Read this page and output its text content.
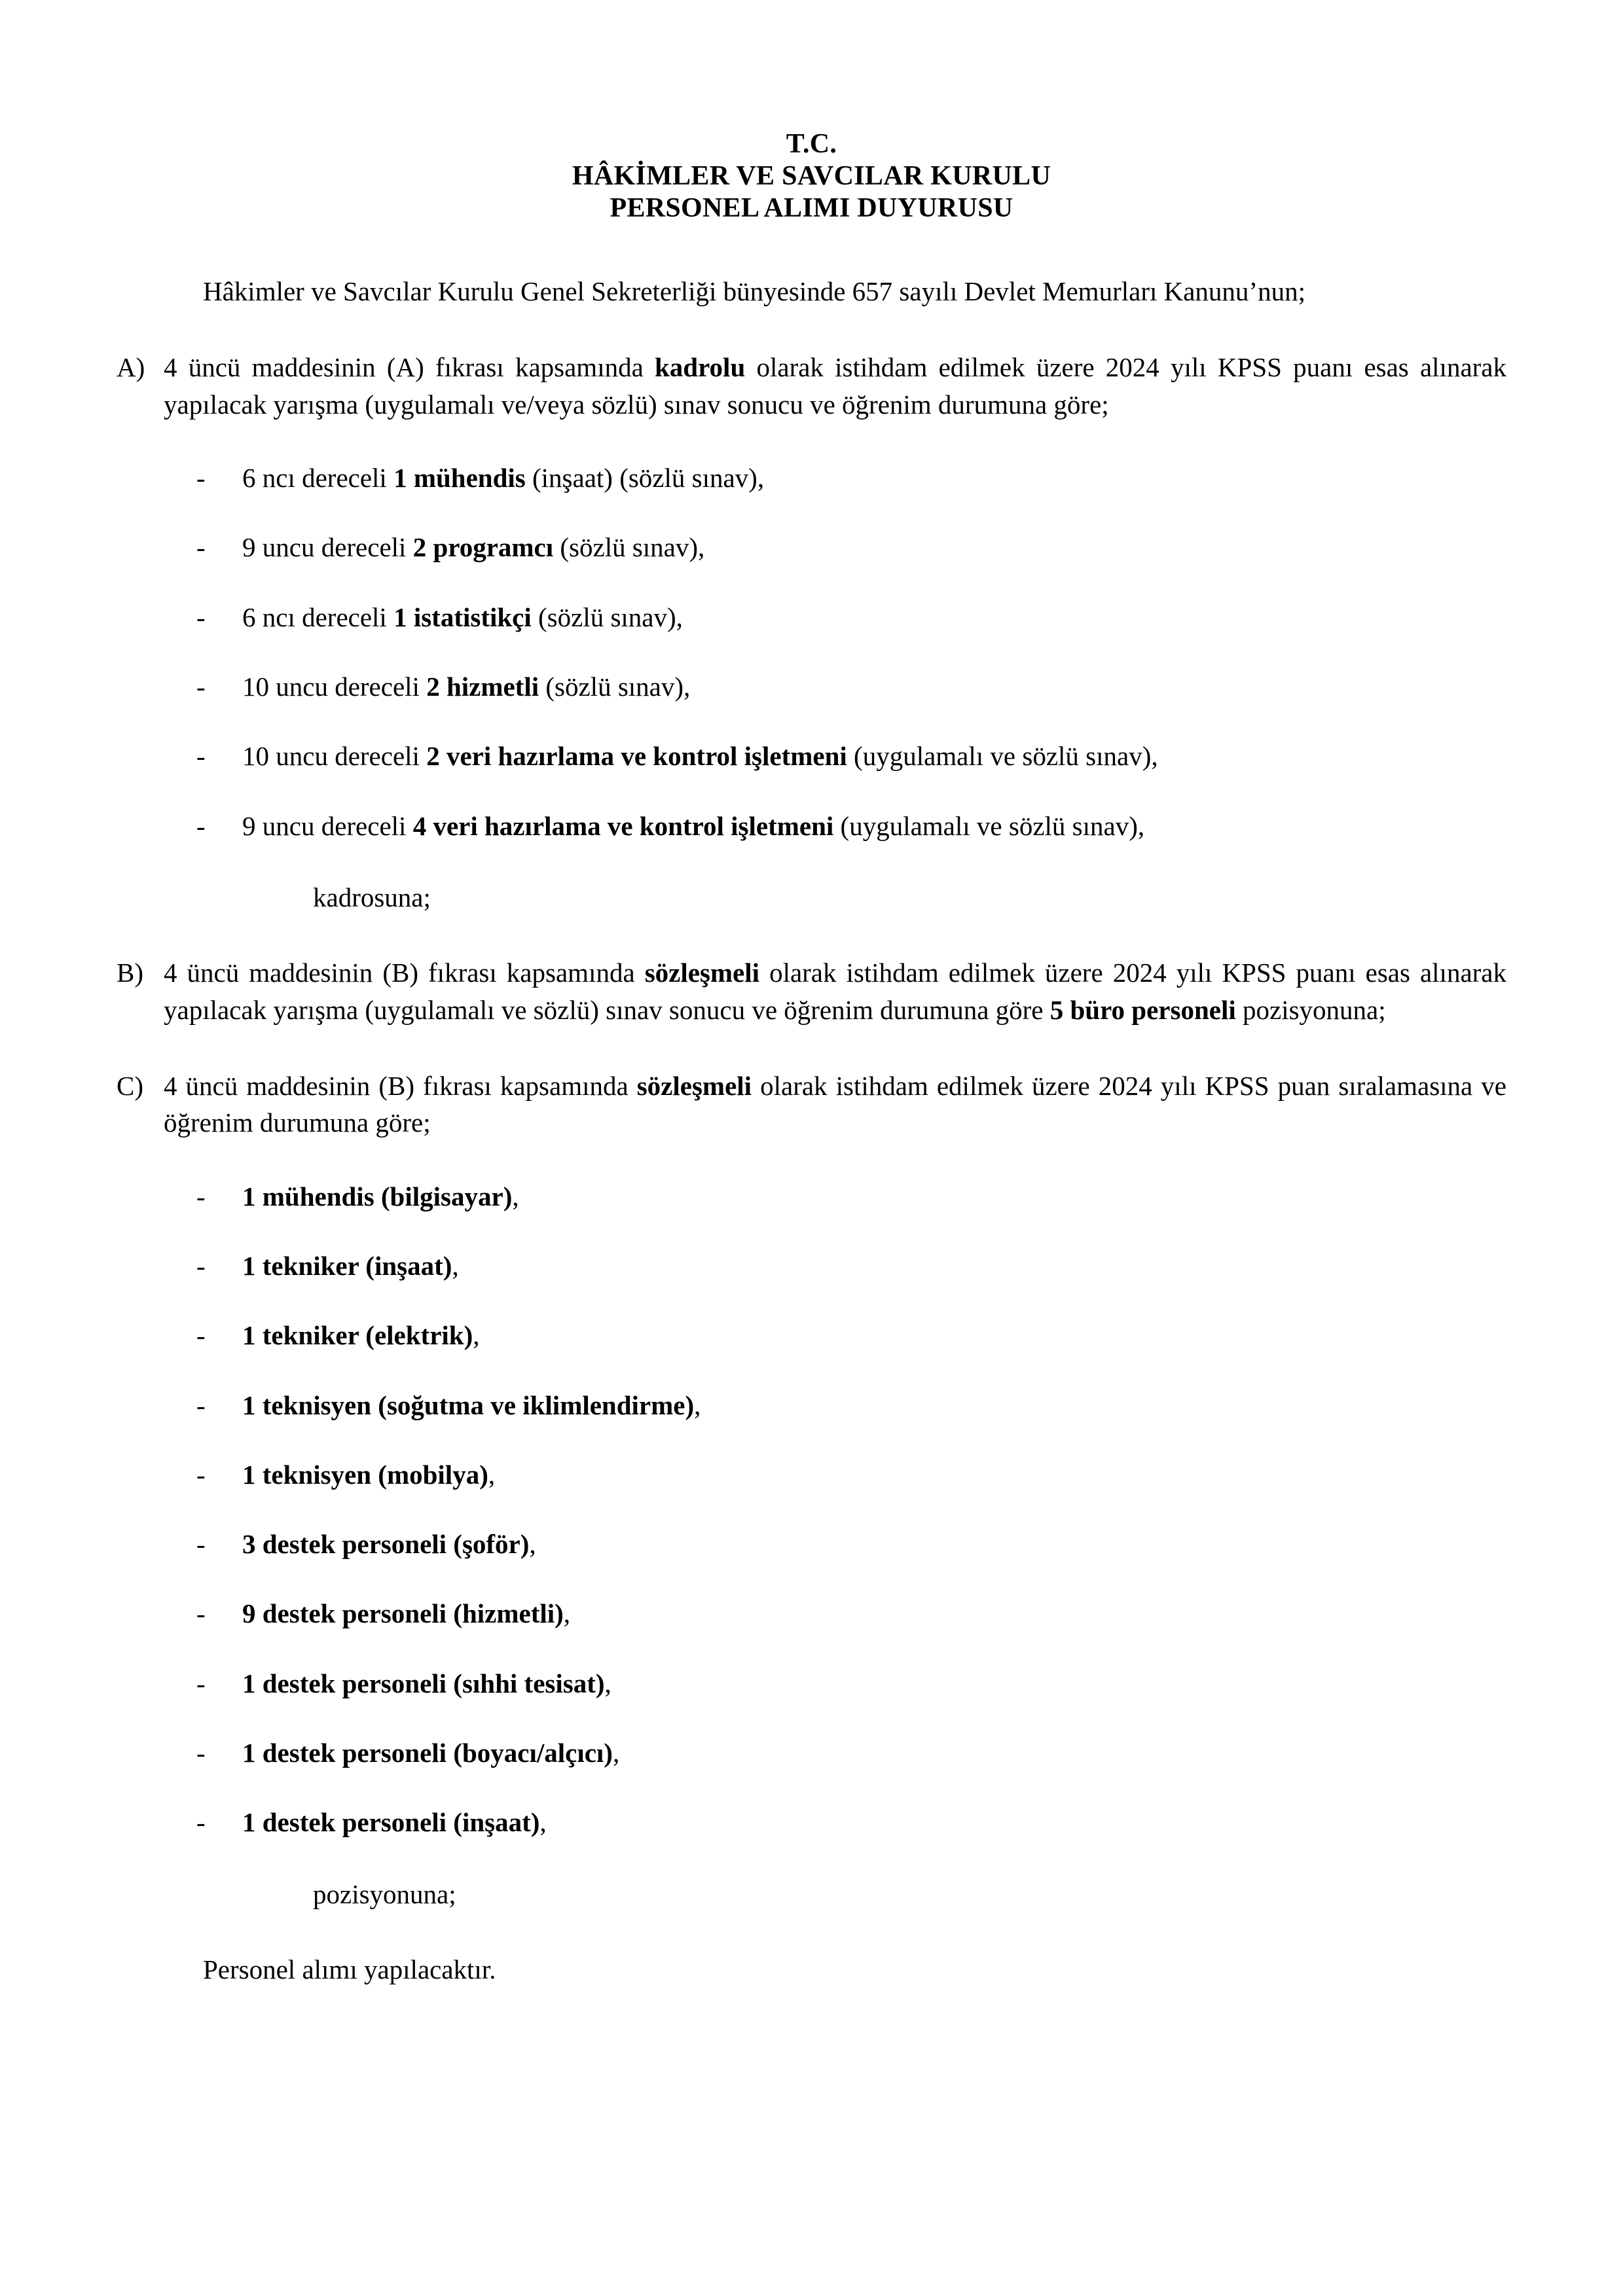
T.C.
HÂKİMLER VE SAVCILAR KURULU
PERSONEL ALIMI DUYURUSU

Hâkimler ve Savcılar Kurulu Genel Sekreterliği bünyesinde 657 sayılı Devlet Memurları Kanunu’nun;

A) 4 üncü maddesinin (A) fıkrası kapsamında kadrolu olarak istihdam edilmek üzere 2024 yılı KPSS puanı esas alınarak yapılacak yarışma (uygulamalı ve/veya sözlü) sınav sonucu ve öğrenim durumuna göre;
-	6 ncı dereceli 1 mühendis (inşaat) (sözlü sınav),
-	9 uncu dereceli 2 programcı (sözlü sınav),
-	6 ncı dereceli 1 istatistikçi (sözlü sınav),
-	10 uncu dereceli 2 hizmetli (sözlü sınav),
-	10 uncu dereceli 2 veri hazırlama ve kontrol işletmeni (uygulamalı ve sözlü sınav),
-	9 uncu dereceli 4 veri hazırlama ve kontrol işletmeni (uygulamalı ve sözlü sınav),
kadrosuna;
B) 4 üncü maddesinin (B) fıkrası kapsamında sözleşmeli olarak istihdam edilmek üzere 2024 yılı KPSS puanı esas alınarak yapılacak yarışma (uygulamalı ve sözlü) sınav sonucu ve öğrenim durumuna göre 5 büro personeli pozisyonuna;
C) 4 üncü maddesinin (B) fıkrası kapsamında sözleşmeli olarak istihdam edilmek üzere 2024 yılı KPSS puan sıralamasına ve öğrenim durumuna göre;
-	1 mühendis (bilgisayar),
-	1 tekniker (inşaat),
-	1 tekniker (elektrik),
-	1 teknisyen (soğutma ve iklimlendirme),
-	1 teknisyen (mobilya),
-	3 destek personeli (şoför),
-	9 destek personeli (hizmetli),
-	1 destek personeli (sıhhi tesisat),
-	1 destek personeli (boyacı/alçıcı),
-	1 destek personeli (inşaat),
pozisyonuna;
Personel alımı yapılacaktır.
